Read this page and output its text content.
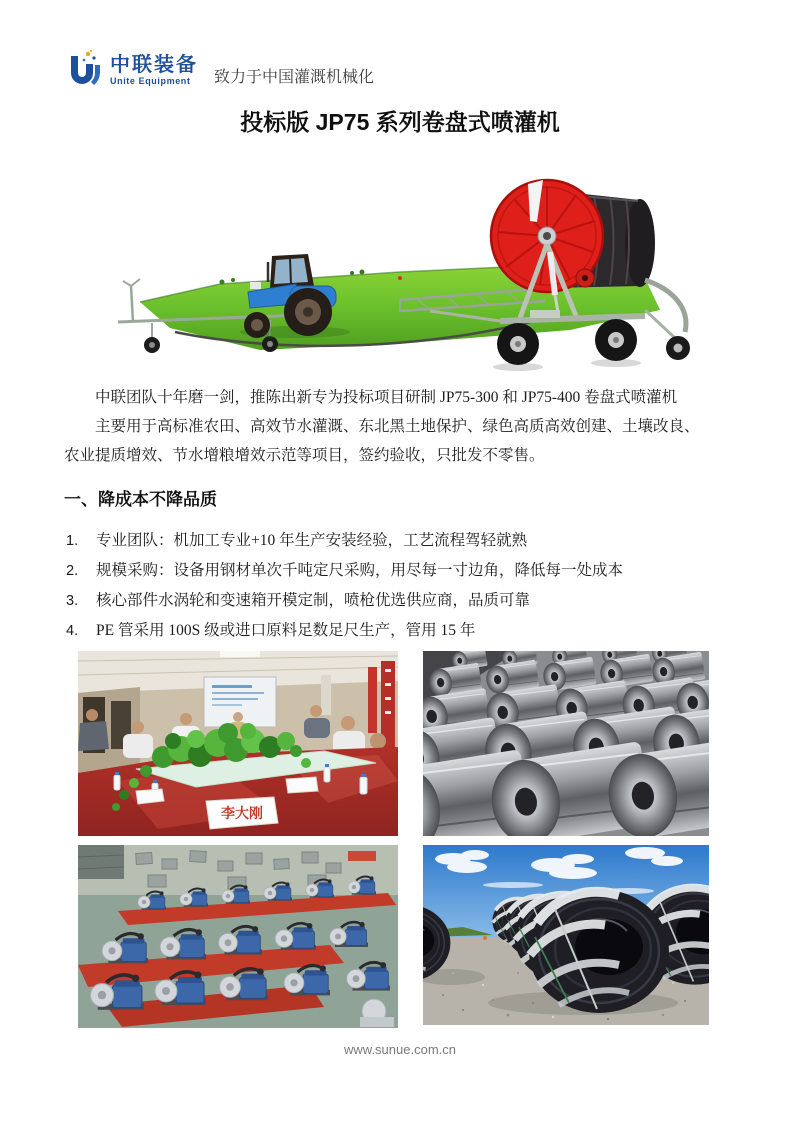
中联装备
Unite Equipment	致力于中国灌溉机械化
投标版 JP75 系列卷盘式喷灌机

中联团队十年磨一剑，推陈出新专为投标项目研制 JP75-300 和 JP75-400 卷盘式喷灌机

主要用于高标准农田、高效节水灌溉、东北黑土地保护、绿色高质高效创建、土壤改良、

农业提质增效、节水增粮增效示范等项目，签约验收，只批发不零售。

一、降成本不降品质
1.	专业团队：机加工专业+10 年生产安装经验，工艺流程驾轻就熟
2.	规模采购：设备用钢材单次千吨定尺采购，用尽每一寸边角，降低每一处成本
3.	核心部件水涡轮和变速箱开模定制，喷枪优选供应商，品质可靠
4.	PE 管采用 100S 级或进口原料足数足尺生产，管用 15 年
李大刚
www.sunue.com.cn
